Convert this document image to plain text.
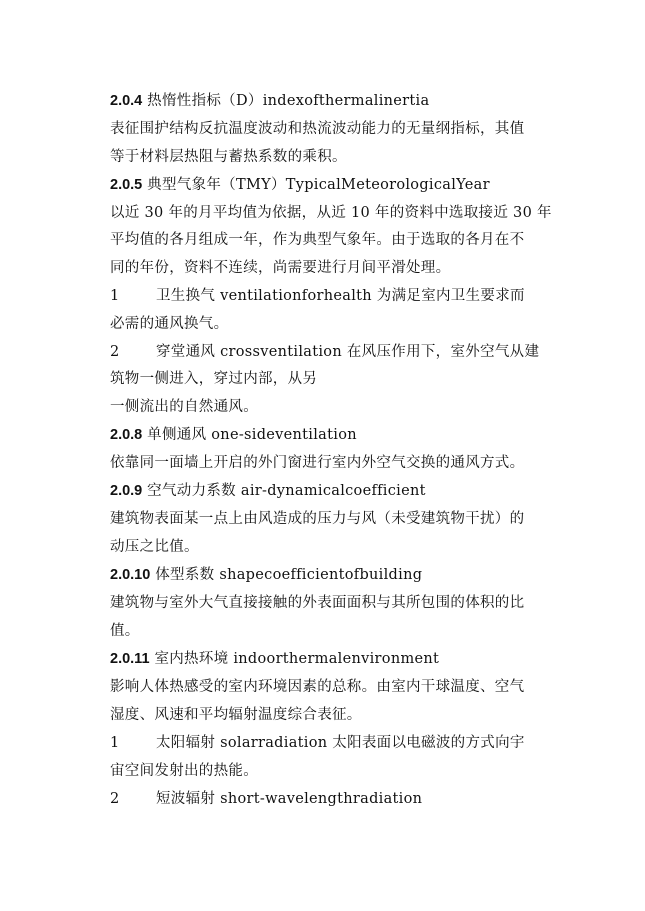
2.0.4 热惰性指标（D）indexofthermalinertia
表征围护结构反抗温度波动和热流波动能力的无量纲指标，其值
等于材料层热阻与蓄热系数的乘积。
2.0.5 典型气象年（TMY）TypicalMeteorologicalYear
以近 30 年的月平均值为依据，从近 10 年的资料中选取接近 30 年
平均值的各月组成一年，作为典型气象年。由于选取的各月在不
同的年份，资料不连续，尚需要进行月间平滑处理。
1	卫生换气 ventilationforhealth 为满足室内卫生要求而
必需的通风换气。
2	穿堂通风 crossventilation 在风压作用下，室外空气从建
筑物一侧进入，穿过内部，从另
一侧流出的自然通风。
2.0.8 单侧通风 one-sideventilation
依靠同一面墙上开启的外门窗进行室内外空气交换的通风方式。
2.0.9 空气动力系数 air-dynamicalcoefficient
建筑物表面某一点上由风造成的压力与风（未受建筑物干扰）的
动压之比值。
2.0.10 体型系数 shapecoefficientofbuilding
建筑物与室外大气直接接触的外表面面积与其所包围的体积的比
值。
2.0.11 室内热环境 indoorthermalenvironment
影响人体热感受的室内环境因素的总称。由室内干球温度、空气
湿度、风速和平均辐射温度综合表征。
1	太阳辐射 solarradiation 太阳表面以电磁波的方式向宇
宙空间发射出的热能。
2	短波辐射 short-wavelengthradiation
